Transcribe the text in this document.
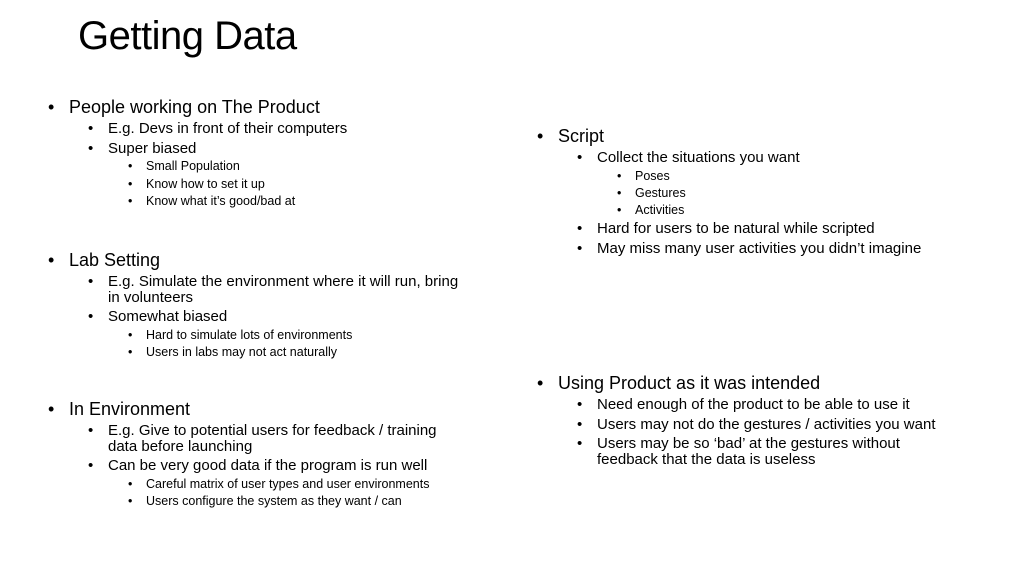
Getting Data
• People working on The Product
• E.g. Devs in front of their computers
• Super biased
• Small Population
• Know how to set it up
• Know what it’s good/bad at
• Lab Setting
• E.g. Simulate the environment where it will run, bring in volunteers
• Somewhat biased
• Hard to simulate lots of environments
• Users in labs may not act naturally
• In Environment
• E.g. Give to potential users for feedback / training data before launching
• Can be very good data if the program is run well
• Careful matrix of user types and user environments
• Users configure the system as they want / can
• Script
• Collect the situations you want
• Poses
• Gestures
• Activities
• Hard for users to be natural while scripted
• May miss many user activities you didn’t imagine
• Using Product as it was intended
• Need enough of the product to be able to use it
• Users may not do the gestures / activities you want
• Users may be so ‘bad’ at the gestures without feedback that the data is useless
